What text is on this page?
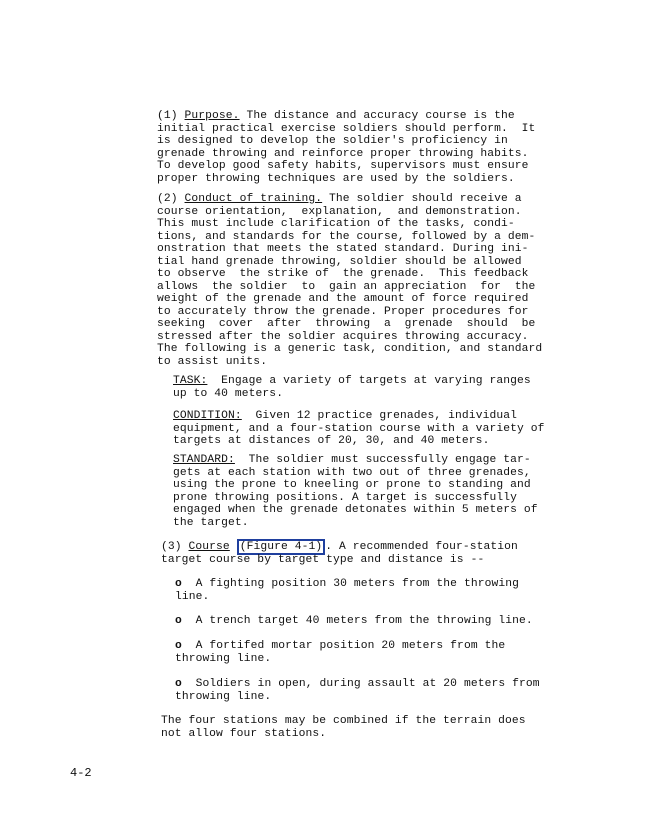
(1) Purpose. The distance and accuracy course is the
initial practical exercise soldiers should perform.  It
is designed to develop the soldier's proficiency in
grenade throwing and reinforce proper throwing habits.
To develop good safety habits, supervisors must ensure
proper throwing techniques are used by the soldiers.
(2) Conduct of training. The soldier should receive a
course orientation,  explanation,  and demonstration.
This must include clarification of the tasks, condi-
tions, and standards for the course, followed by a dem-
onstration that meets the stated standard. During ini-
tial hand grenade throwing, soldier should be allowed
to observe  the strike of  the grenade.  This feedback
allows  the soldier  to  gain an appreciation  for  the
weight of the grenade and the amount of force required
to accurately throw the grenade. Proper procedures for
seeking  cover  after  throwing  a  grenade  should  be
stressed after the soldier acquires throwing accuracy.
The following is a generic task, condition, and standard
to assist units.
TASK:  Engage a variety of targets at varying ranges
up to 40 meters.
CONDITION:  Given 12 practice grenades, individual
equipment, and a four-station course with a variety of
targets at distances of 20, 30, and 40 meters.
STANDARD:  The soldier must successfully engage tar-
gets at each station with two out of three grenades,
using the prone to kneeling or prone to standing and
prone throwing positions. A target is successfully
engaged when the grenade detonates within 5 meters of
the target.
(3) Course (Figure 4-1) . A recommended four-station
target course by target type and distance is --
o  A fighting position 30 meters from the throwing
line.
o  A trench target 40 meters from the throwing line.
o  A fortifed mortar position 20 meters from the
throwing line.
o  Soldiers in open, during assault at 20 meters from
throwing line.
The four stations may be combined if the terrain does
not allow four stations.
4-2
